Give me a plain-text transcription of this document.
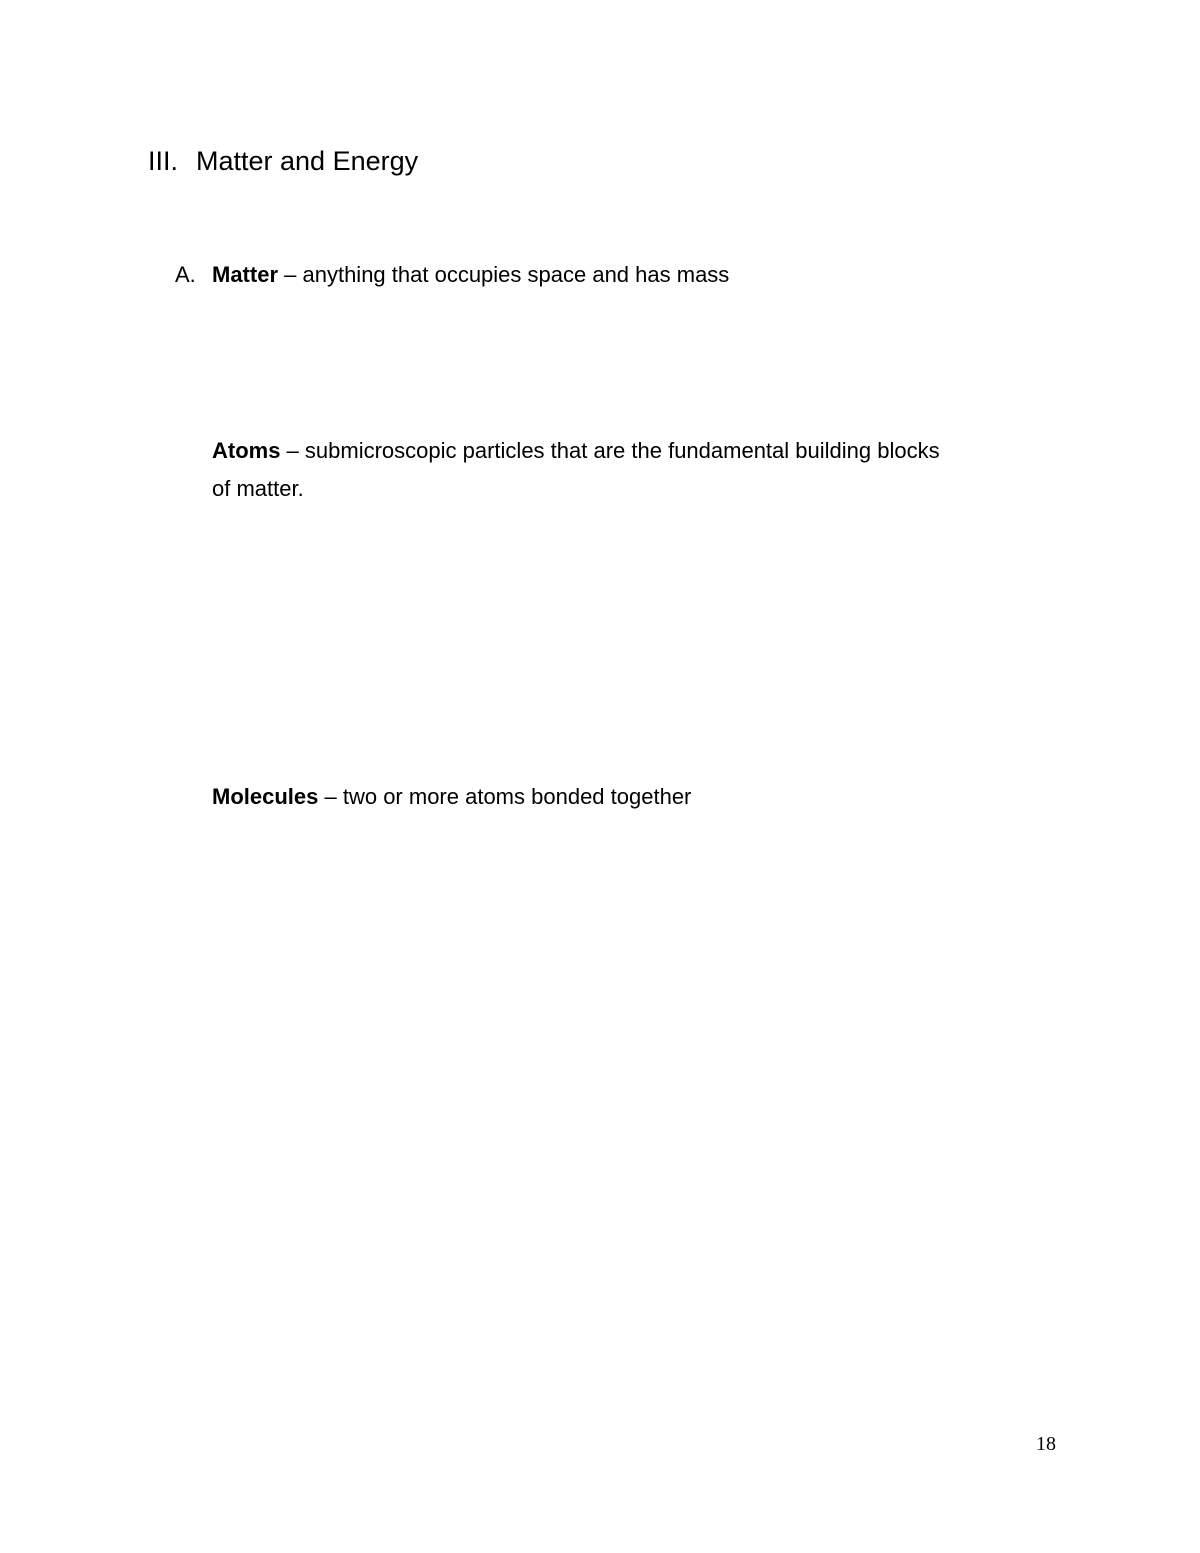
III. Matter and Energy
A. Matter – anything that occupies space and has mass
Atoms – submicroscopic particles that are the fundamental building blocks
of matter.
Molecules – two or more atoms bonded together
18
